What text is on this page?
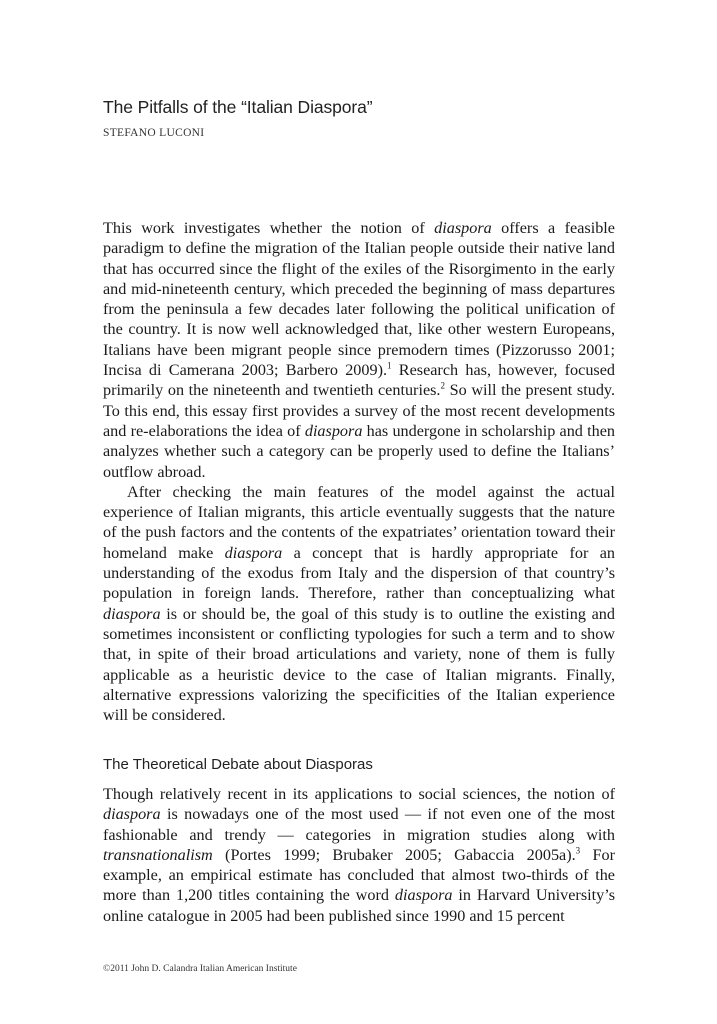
The Pitfalls of the “Italian Diaspora”
STEFANO LUCONI

This work investigates whether the notion of diaspora offers a feasible paradigm to define the migration of the Italian people outside their native land that has occurred since the flight of the exiles of the Risorgimento in the early and mid-nineteenth century, which preceded the beginning of mass departures from the peninsula a few decades later following the political unification of the country. It is now well acknowledged that, like other western Europeans, Italians have been migrant people since premodern times (Pizzorusso 2001; Incisa di Camerana 2003; Barbero 2009).$^1$ Research has, however, focused primarily on the nineteenth and twentieth centuries.$^2$ So will the present study. To this end, this essay first provides a survey of the most recent developments and re-elaborations the idea of diaspora has undergone in scholarship and then analyzes whether such a category can be properly used to define the Italians’ outflow abroad.

After checking the main features of the model against the actual experience of Italian migrants, this article eventually suggests that the nature of the push factors and the contents of the expatriates’ orientation toward their homeland make diaspora a concept that is hardly appropriate for an understanding of the exodus from Italy and the dispersion of that country’s population in foreign lands. Therefore, rather than conceptualizing what diaspora is or should be, the goal of this study is to outline the existing and sometimes inconsistent or conflicting typologies for such a term and to show that, in spite of their broad articulations and variety, none of them is fully applicable as a heuristic device to the case of Italian migrants. Finally, alternative expressions valorizing the specificities of the Italian experience will be considered.

The Theoretical Debate about Diasporas

Though relatively recent in its applications to social sciences, the notion of diaspora is nowadays one of the most used — if not even one of the most fashionable and trendy — categories in migration studies along with transnationalism (Portes 1999; Brubaker 2005; Gabaccia 2005a).$^3$ For example, an empirical estimate has concluded that almost two-thirds of the more than 1,200 titles containing the word diaspora in Harvard University’s online catalogue in 2005 had been published since 1990 and 15 percent

©2011 John D. Calandra Italian American Institute
